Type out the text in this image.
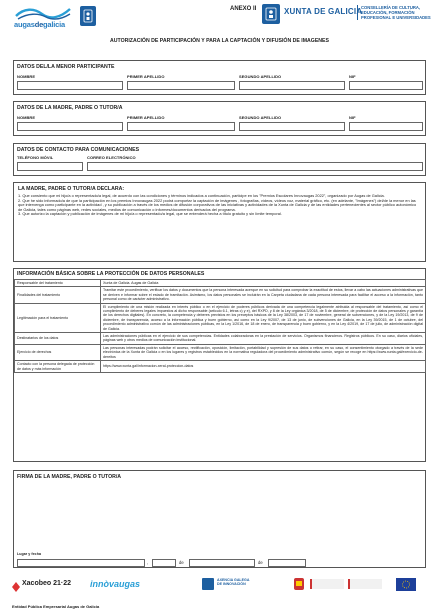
augasdegalicia
ANEXO II	XUNTA DE GALICIA
CONSELLERÍA DE CULTURA, EDUCACIÓN, FORMACIÓN PROFESIONAL E UNIVERSIDADES
AUTORIZACIÓN DE PARTICIPACIÓN Y PARA LA CAPTACIÓN Y DIFUSIÓN DE IMAGENES
DATOS DEL/LA MENOR PARTICIPANTE
NOMBRE	PRIMER APELLIDO	SEGUNDO APELLIDO	NIF
DATOS DE LA MADRE, PADRE O TUTOR/A
NOMBRE	PRIMER APELLIDO	SEGUNDO APELLIDO	NIF
DATOS DE CONTACTO PARA COMUNICACIONES
TELÉFONO MÓVIL	CORREO ELECTRÓNICO
LA MADRE, PADRE O TUTOR/A DECLARA:
1. Que consiento que mi hijo/a o representado/a legal, de acuerdo con las condiciones y términos indicados a continuación, participe en los "Premios Escolares Innovaugas 2022", organizado por Augas de Galicia.
2. Que he sido informado/a de que la participación en los premios Innovaugas 2022 podrá comportar la captación de imágenes , fotografías, vídeos, vídeos voz, material gráfico, etc. (en adelante, "Imágenes") del/de la menor en las que intervenga como participante en la actividad , y su publicación a través de los medios de difusión corporativos de las iniciativas y actividades de la Xunta de Galicia y de las entidades pertenecientes al sector público autonómico de Galicia, tales como páginas web, redes sociales, medios de comunicación o informes/documentos derivados del programa.
3. Que autorizo la captación y publicación de imágenes de mi hijo/a o representado/a legal, que se entenderá hecha a título gratuito y sin límite temporal.
INFORMACIÓN BÁSICA SOBRE LA PROTECCIÓN DE DATOS PERSONALES
Responsable del tratamiento	Xunta de Galicia. Augas de Galicia
Finalidades del tratamiento	Tramitar este procedimiento, verificar los datos y documentos que la persona interesada acerque en su solicitud para comprobar la exactitud de estos, llevar a cabo las actuaciones administrativas que se deriven e informar sobre el estado de tramitación. Asimismo, los datos personales se incluirán en la Carpeta ciudadana de cada persona interesada para facilitar el acceso a la información, tanto personal como de carácter administrativo.
Legitimación para el tratamiento	El cumplimiento de una misión realizada en interés público o en el ejercicio de poderes públicos derivada de una competencia legalmente atribuida al responsable del tratamiento, así como el cumplimiento de deberes legales impuestos al dicho responsable (artículo 6.1, letras c) y e), del RXPD, y 8 de la Ley orgánica 3/2018, de 5 de diciembre, de protección de datos personales y garantía de los derechos digitales). En concreto, la competencia y deberes previstos en los preceptos básicos de la Ley 38/2003, de 17 de noviembre, general de subvenciones, y de la Ley 19/2013, de 9 de diciembre, de transparencia, acceso a la información pública y buen gobierno, así como en la Ley 9/2007, de 13 de junio, de subvenciones de Galicia, en la Ley 39/2015, de 1 de octubre, del procedimiento administrativo común de las administraciones públicas, en la Ley 1/2016, de 18 de enero, de transparencia y buen gobierno, y en la Ley 4/2019, de 17 de julio, de administración digital de Galicia.
Destinatarios de los datos	Las administraciones públicas en el ejercicio de sus competencias. Entidades colaboradoras en la prestación de servicios. Organismos financieros. Registros públicos. En su caso, diarios oficiales, páginas web y otros medios de comunicación institucional.
Ejercicio de derechos	Las personas interesadas podrán solicitar el acceso, rectificación, oposición, limitación, portabilidad y supresión de sus datos o retirar, en su caso, el consentimiento otorgado a través de la sede electrónica de la Xunta de Galicia o en los lugares y registros establecidos en la normativa reguladora del procedimiento administrativo común, según se recoge en https://www.xunta.gal/exercicio-de-dereitos
Contacto con la persona delegada de protección de datos y más información	https://www.xunta.gal/informacion-xeral-proteccion-datos
FIRMA DE LA MADRE, PADRE O TUTOR/A
Lugar y fecha
,	de	de
Xacobeo 21·22 innòvaugas	AXENCIA GALEGA DE INNOVACIÓN
Entidad Pública Empresarial Augas de Galicia
